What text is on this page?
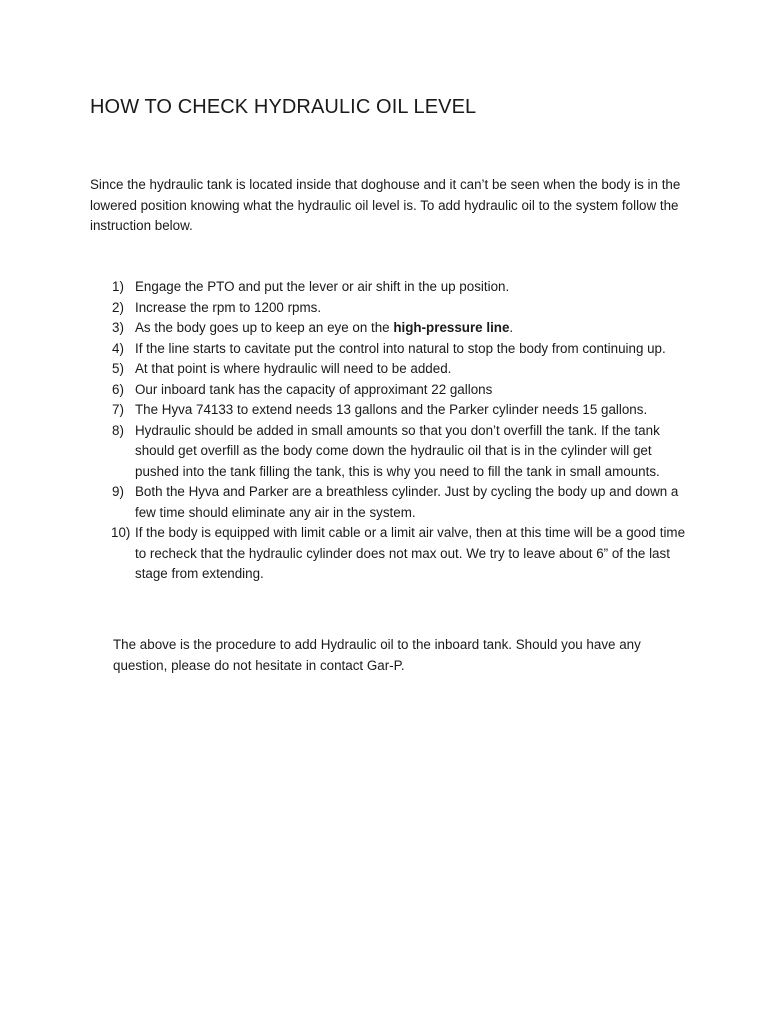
HOW TO CHECK HYDRAULIC OIL LEVEL

Since the hydraulic tank is located inside that doghouse and it can’t be seen when the body is in the lowered position knowing what the hydraulic oil level is. To add hydraulic oil to the system follow the instruction below.

1) Engage the PTO and put the lever or air shift in the up position.
2) Increase the rpm to 1200 rpms.
3) As the body goes up to keep an eye on the high-pressure line.
4) If the line starts to cavitate put the control into natural to stop the body from continuing up.
5) At that point is where hydraulic will need to be added.
6) Our inboard tank has the capacity of approximant 22 gallons
7) The Hyva 74133 to extend needs 13 gallons and the Parker cylinder needs 15 gallons.
8) Hydraulic should be added in small amounts so that you don’t overfill the tank. If the tank should get overfill as the body come down the hydraulic oil that is in the cylinder will get pushed into the tank filling the tank, this is why you need to fill the tank in small amounts.
9) Both the Hyva and Parker are a breathless cylinder. Just by cycling the body up and down a few time should eliminate any air in the system.
10) If the body is equipped with limit cable or a limit air valve, then at this time will be a good time to recheck that the hydraulic cylinder does not max out. We try to leave about 6” of the last stage from extending.

The above is the procedure to add Hydraulic oil to the inboard tank. Should you have any question, please do not hesitate in contact Gar-P.
